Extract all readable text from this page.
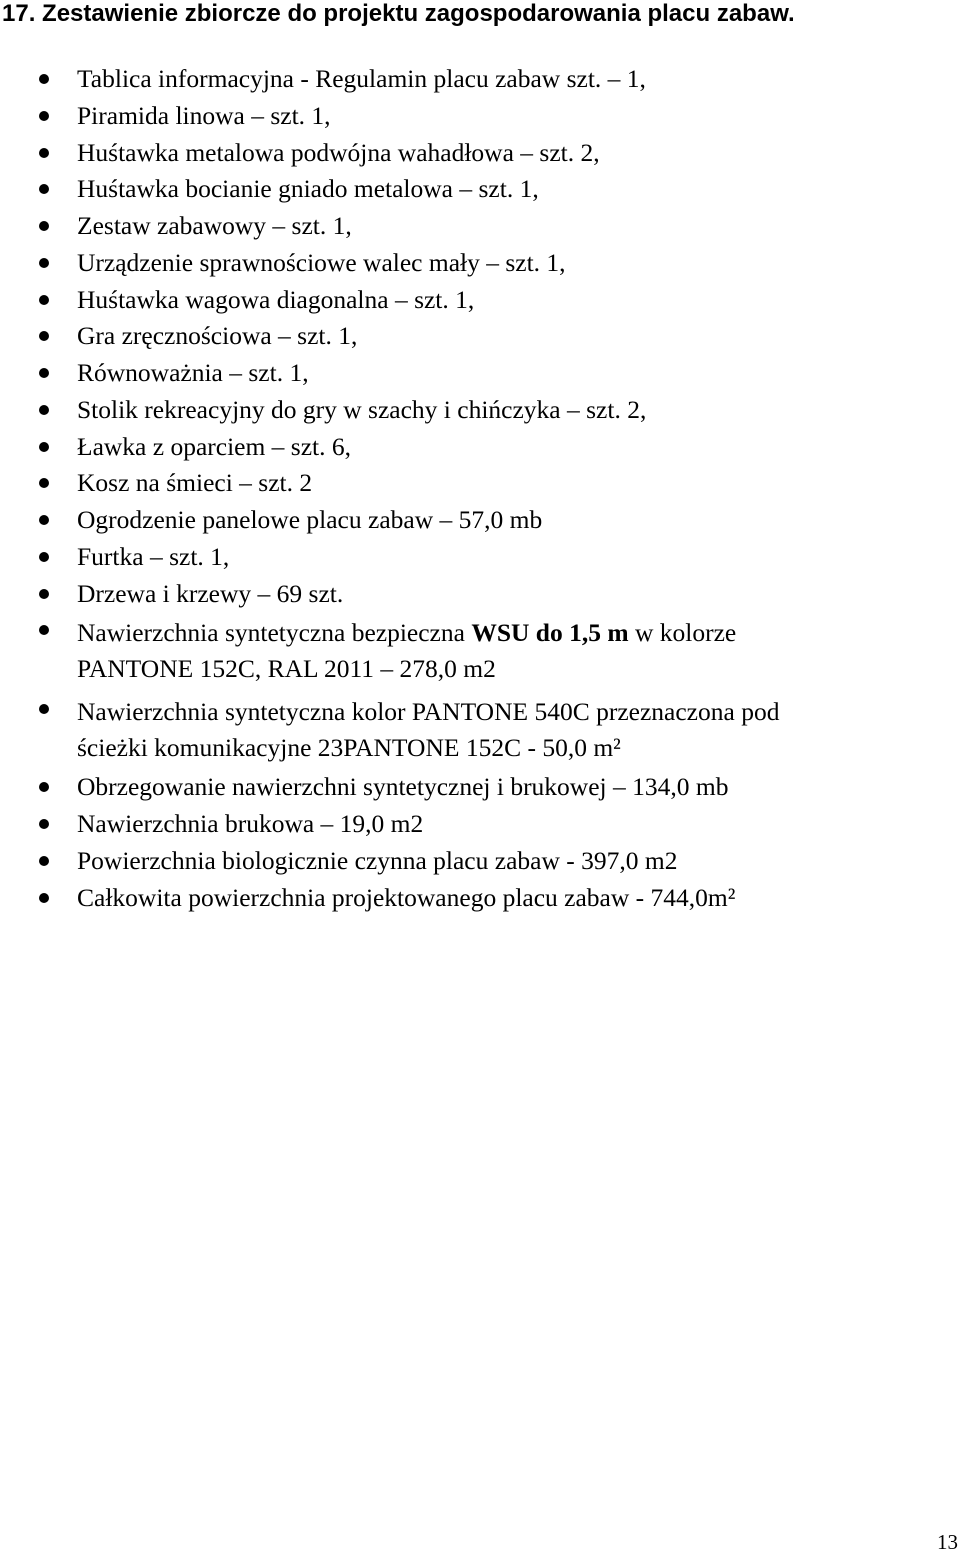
17. Zestawienie zbiorcze do projektu zagospodarowania placu zabaw.
Tablica informacyjna - Regulamin placu zabaw szt. – 1,
Piramida linowa – szt. 1,
Huśtawka metalowa podwójna wahadłowa – szt. 2,
Huśtawka bocianie gniado metalowa – szt. 1,
Zestaw zabawowy – szt. 1,
Urządzenie sprawnościowe walec mały – szt. 1,
Huśtawka wagowa diagonalna – szt. 1,
Gra zręcznościowa – szt. 1,
Równoważnia – szt. 1,
Stolik rekreacyjny do gry w szachy i chińczyka – szt. 2,
Ławka z oparciem – szt. 6,
Kosz na śmieci – szt. 2
Ogrodzenie panelowe placu zabaw – 57,0 mb
Furtka – szt. 1,
Drzewa i krzewy – 69 szt.
Nawierzchnia syntetyczna bezpieczna WSU do 1,5 m w kolorze
PANTONE 152C, RAL 2011 – 278,0 m2
Nawierzchnia syntetyczna kolor PANTONE 540C przeznaczona pod
ścieżki komunikacyjne 23PANTONE 152C - 50,0 m²
Obrzegowanie nawierzchni syntetycznej i brukowej – 134,0 mb
Nawierzchnia brukowa – 19,0 m2
Powierzchnia biologicznie czynna placu zabaw - 397,0 m2
Całkowita powierzchnia projektowanego placu zabaw - 744,0m²
13
